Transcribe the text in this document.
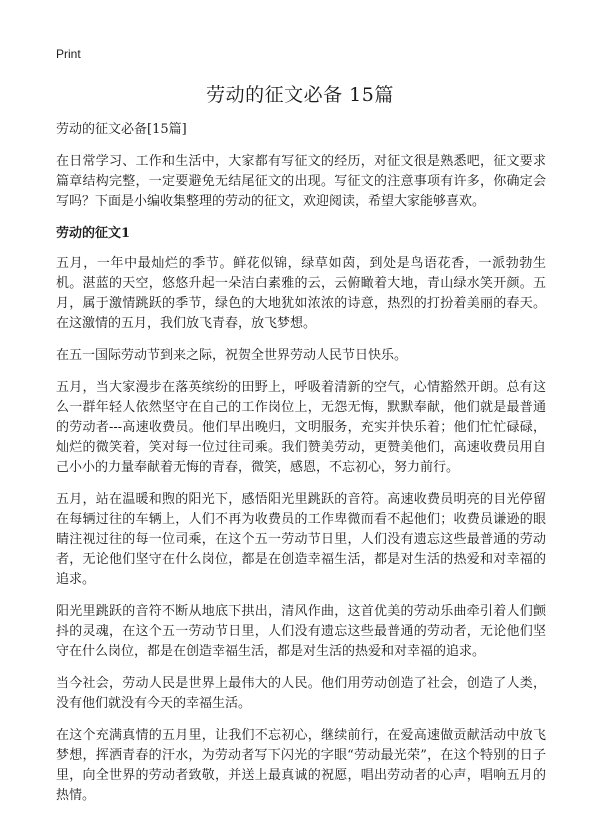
Print
劳动的征文必备 15篇
劳动的征文必备[15篇]

在日常学习、工作和生活中，大家都有写征文的经历，对征文很是熟悉吧，征文要求篇章结构完整，一定要避免无结尾征文的出现。写征文的注意事项有许多，你确定会写吗？下面是小编收集整理的劳动的征文，欢迎阅读，希望大家能够喜欢。

劳动的征文1

五月，一年中最灿烂的季节。鲜花似锦，绿草如茵，到处是鸟语花香，一派勃勃生机。湛蓝的天空，悠悠升起一朵洁白素雅的云，云俯瞰着大地，青山绿水笑开颜。五月，属于激情跳跃的季节，绿色的大地犹如浓浓的诗意，热烈的打扮着美丽的春天。在这激情的五月，我们放飞青春，放飞梦想。

在五一国际劳动节到来之际，祝贺全世界劳动人民节日快乐。

五月，当大家漫步在落英缤纷的田野上，呼吸着清新的空气，心情豁然开朗。总有这么一群年轻人依然坚守在自己的工作岗位上，无怨无悔，默默奉献，他们就是最普通的劳动者---高速收费员。他们早出晚归，文明服务，充实并快乐着；他们忙忙碌碌，灿烂的微笑着，笑对每一位过往司乘。我们赞美劳动，更赞美他们，高速收费员用自己小小的力量奉献着无悔的青春，微笑，感恩，不忘初心，努力前行。

五月，站在温暖和煦的阳光下，感悟阳光里跳跃的音符。高速收费员明亮的目光停留在每辆过往的车辆上，人们不再为收费员的工作卑微而看不起他们；收费员谦逊的眼睛注视过往的每一位司乘，在这个五一劳动节日里，人们没有遗忘这些最普通的劳动者，无论他们坚守在什么岗位，都是在创造幸福生活，都是对生活的热爱和对幸福的追求。

阳光里跳跃的音符不断从地底下拱出，清风作曲，这首优美的劳动乐曲牵引着人们颤抖的灵魂，在这个五一劳动节日里，人们没有遗忘这些最普通的劳动者，无论他们坚守在什么岗位，都是在创造幸福生活，都是对生活的热爱和对幸福的追求。

当今社会，劳动人民是世界上最伟大的人民。他们用劳动创造了社会，创造了人类，没有他们就没有今天的幸福生活。

在这个充满真情的五月里，让我们不忘初心，继续前行，在爱高速做贡献活动中放飞梦想，挥洒青春的汗水，为劳动者写下闪光的字眼“劳动最光荣”，在这个特别的日子里，向全世界的劳动者致敬，并送上最真诚的祝愿，唱出劳动者的心声，唱响五月的热情。
